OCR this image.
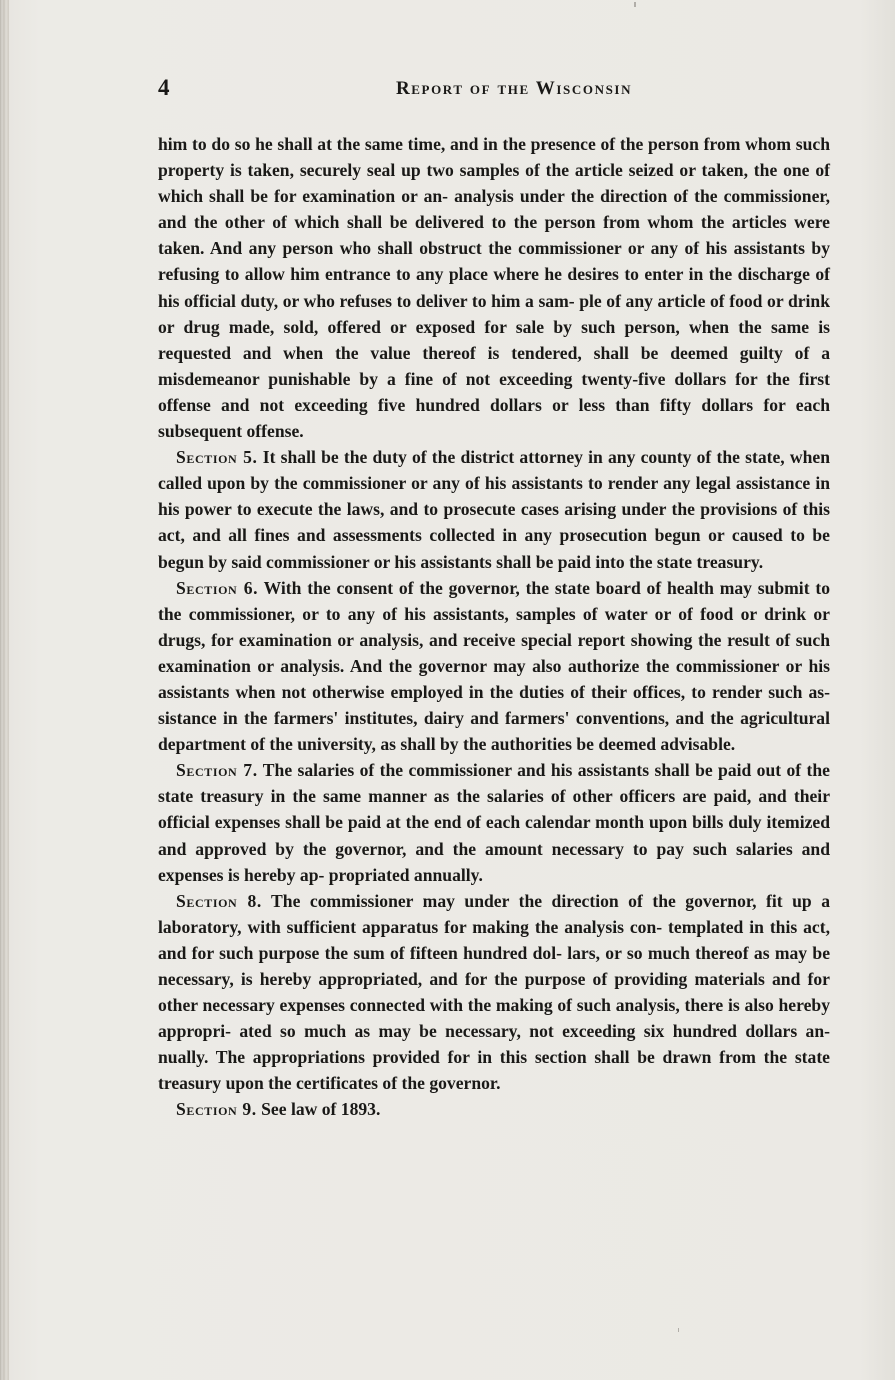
4	Report of the Wisconsin

him to do so he shall at the same time, and in the presence of the person from whom such property is taken, securely seal up two samples of the article seized or taken, the one of which shall be for examination or an- analysis under the direction of the commissioner, and the other of which shall be delivered to the person from whom the articles were taken. And any person who shall obstruct the commissioner or any of his assistants by refusing to allow him entrance to any place where he desires to enter in the discharge of his official duty, or who refuses to deliver to him a sam- ple of any article of food or drink or drug made, sold, offered or exposed for sale by such person, when the same is requested and when the value thereof is tendered, shall be deemed guilty of a misdemeanor punishable by a fine of not exceeding twenty-five dollars for the first offense and not exceeding five hundred dollars or less than fifty dollars for each subsequent offense.

Section 5. It shall be the duty of the district attorney in any county of the state, when called upon by the commissioner or any of his assistants to render any legal assistance in his power to execute the laws, and to prosecute cases arising under the provisions of this act, and all fines and assessments collected in any prosecution begun or caused to be begun by said commissioner or his assistants shall be paid into the state treasury.

Section 6. With the consent of the governor, the state board of health may submit to the commissioner, or to any of his assistants, samples of water or of food or drink or drugs, for examination or analysis, and receive special report showing the result of such examination or analysis. And the governor may also authorize the commissioner or his assistants when not otherwise employed in the duties of their offices, to render such as- sistance in the farmers' institutes, dairy and farmers' conventions, and the agricultural department of the university, as shall by the authorities be deemed advisable.

Section 7. The salaries of the commissioner and his assistants shall be paid out of the state treasury in the same manner as the salaries of other officers are paid, and their official expenses shall be paid at the end of each calendar month upon bills duly itemized and approved by the governor, and the amount necessary to pay such salaries and expenses is hereby ap- propriated annually.

Section 8. The commissioner may under the direction of the governor, fit up a laboratory, with sufficient apparatus for making the analysis con- templated in this act, and for such purpose the sum of fifteen hundred dol- lars, or so much thereof as may be necessary, is hereby appropriated, and for the purpose of providing materials and for other necessary expenses connected with the making of such analysis, there is also hereby appropri- ated so much as may be necessary, not exceeding six hundred dollars an- nually. The appropriations provided for in this section shall be drawn from the state treasury upon the certificates of the governor.

Section 9. See law of 1893.
